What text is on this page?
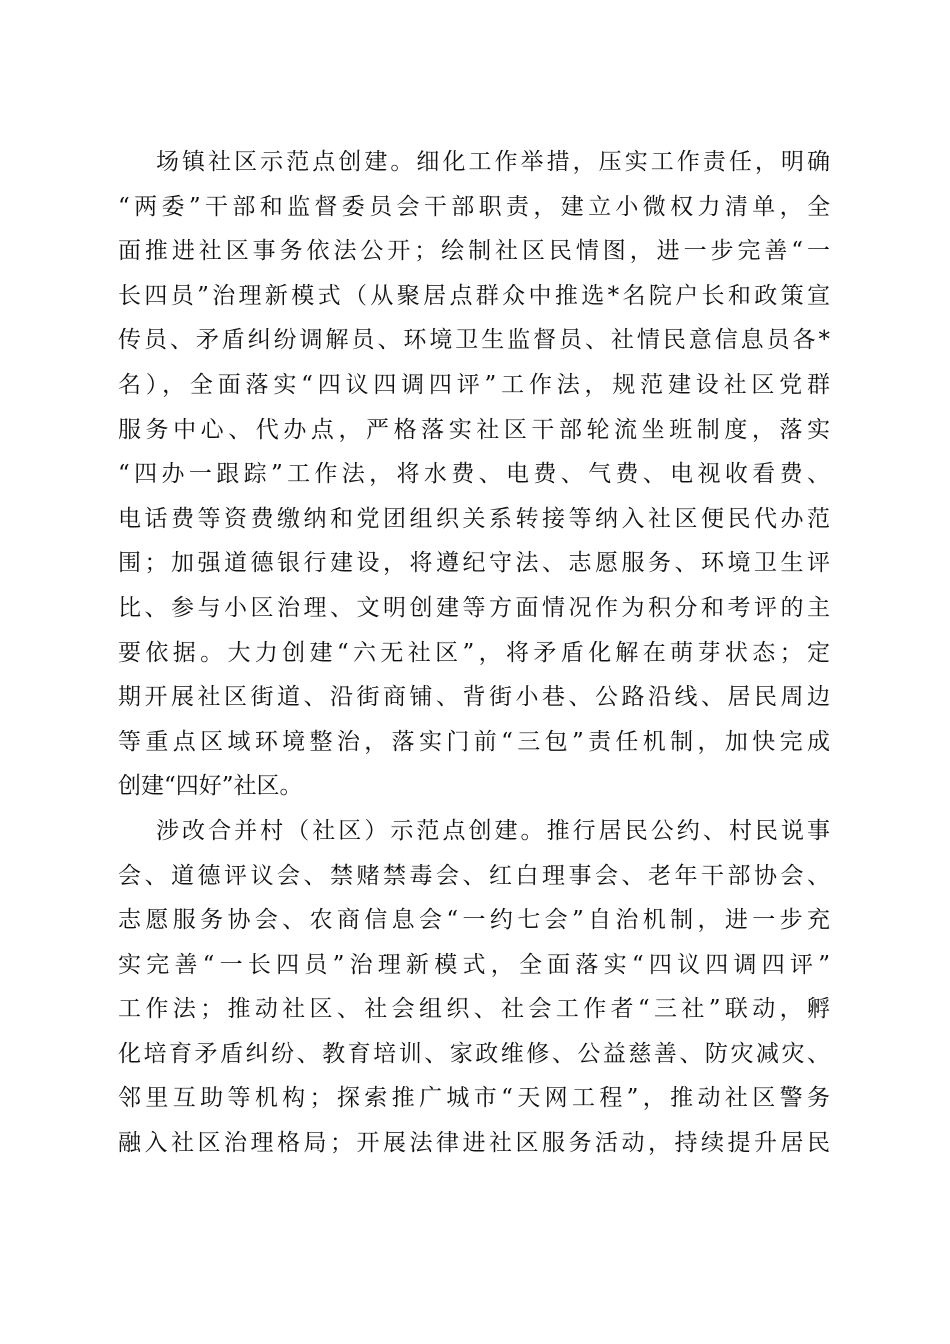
场镇社区示范点创建。细化工作举措，压实工作责任，明确
“两委”干部和监督委员会干部职责，建立小微权力清单，全
面推进社区事务依法公开；绘制社区民情图，进一步完善“一
长四员”治理新模式（从聚居点群众中推选*名院户长和政策宣
传员、矛盾纠纷调解员、环境卫生监督员、社情民意信息员各*
名），全面落实“四议四调四评”工作法，规范建设社区党群
服务中心、代办点，严格落实社区干部轮流坐班制度，落实
“四办一跟踪”工作法，将水费、电费、气费、电视收看费、
电话费等资费缴纳和党团组织关系转接等纳入社区便民代办范
围；加强道德银行建设，将遵纪守法、志愿服务、环境卫生评
比、参与小区治理、文明创建等方面情况作为积分和考评的主
要依据。大力创建“六无社区”，将矛盾化解在萌芽状态；定
期开展社区街道、沿街商铺、背街小巷、公路沿线、居民周边
等重点区域环境整治，落实门前“三包”责任机制，加快完成
创建“四好”社区。
涉改合并村（社区）示范点创建。推行居民公约、村民说事
会、道德评议会、禁赌禁毒会、红白理事会、老年干部协会、
志愿服务协会、农商信息会“一约七会”自治机制，进一步充
实完善“一长四员”治理新模式，全面落实“四议四调四评”
工作法；推动社区、社会组织、社会工作者“三社”联动，孵
化培育矛盾纠纷、教育培训、家政维修、公益慈善、防灾减灾、
邻里互助等机构；探索推广城市“天网工程”，推动社区警务
融入社区治理格局；开展法律进社区服务活动，持续提升居民
